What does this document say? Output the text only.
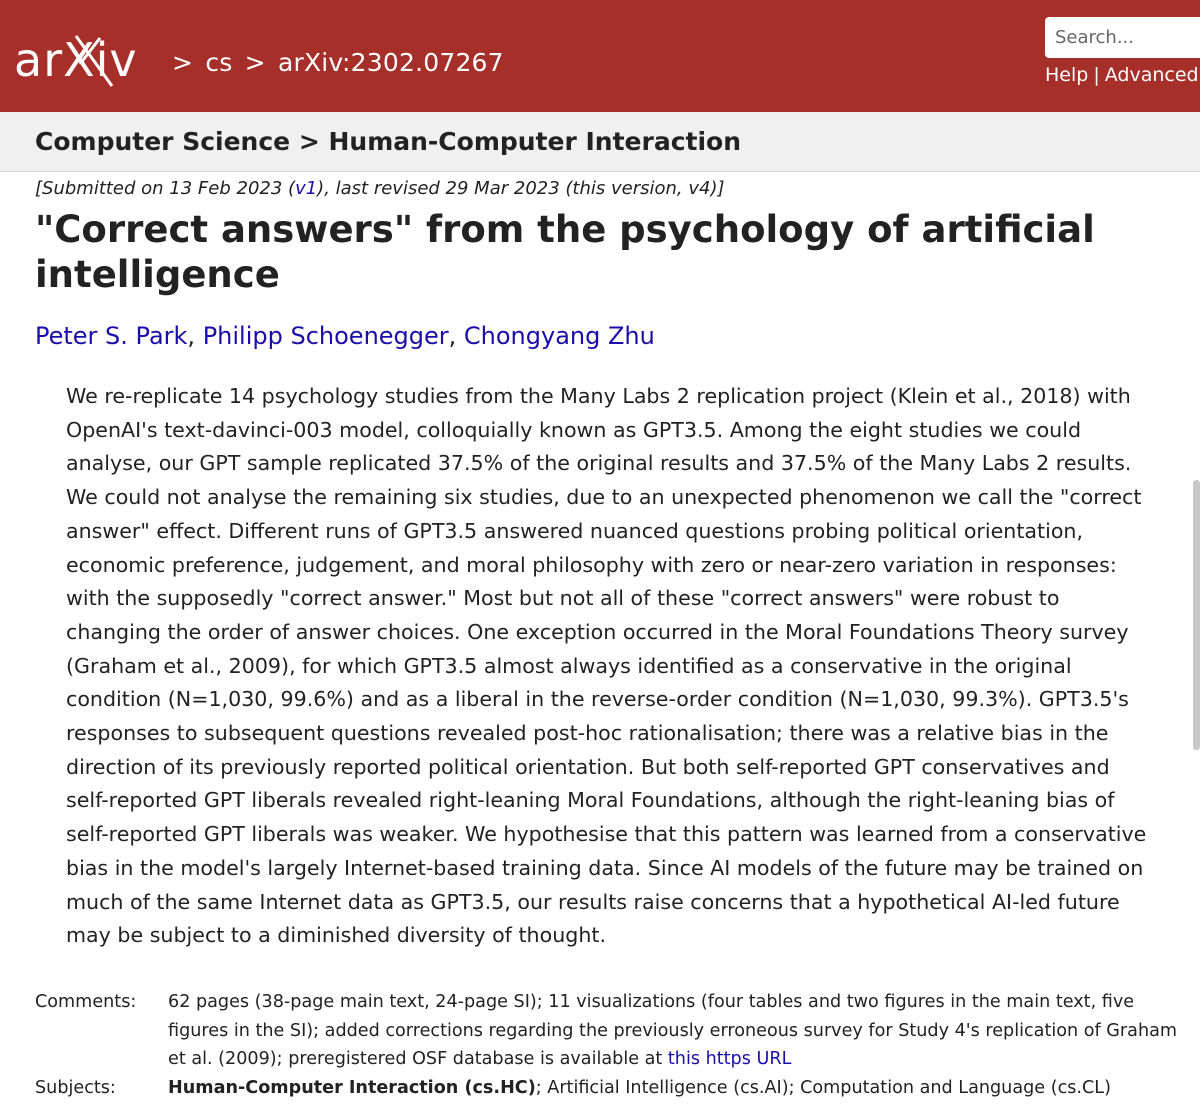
arXiv > cs > arXiv:2302.07267
Search...	Help | Advanced
Computer Science > Human-Computer Interaction
[Submitted on 13 Feb 2023 (v1), last revised 29 Mar 2023 (this version, v4)]
"Correct answers" from the psychology of artificial intelligence
Peter S. Park, Philipp Schoenegger, Chongyang Zhu

We re-replicate 14 psychology studies from the Many Labs 2 replication project (Klein et al., 2018) with OpenAI's text-davinci-003 model, colloquially known as GPT3.5. Among the eight studies we could analyse, our GPT sample replicated 37.5% of the original results and 37.5% of the Many Labs 2 results. We could not analyse the remaining six studies, due to an unexpected phenomenon we call the "correct answer" effect. Different runs of GPT3.5 answered nuanced questions probing political orientation, economic preference, judgement, and moral philosophy with zero or near-zero variation in responses: with the supposedly "correct answer." Most but not all of these "correct answers" were robust to changing the order of answer choices. One exception occurred in the Moral Foundations Theory survey (Graham et al., 2009), for which GPT3.5 almost always identified as a conservative in the original condition (N=1,030, 99.6%) and as a liberal in the reverse-order condition (N=1,030, 99.3%). GPT3.5's responses to subsequent questions revealed post-hoc rationalisation; there was a relative bias in the direction of its previously reported political orientation. But both self-reported GPT conservatives and self-reported GPT liberals revealed right-leaning Moral Foundations, although the right-leaning bias of self-reported GPT liberals was weaker. We hypothesise that this pattern was learned from a conservative bias in the model's largely Internet-based training data. Since AI models of the future may be trained on much of the same Internet data as GPT3.5, our results raise concerns that a hypothetical AI-led future may be subject to a diminished diversity of thought.

Comments:	62 pages (38-page main text, 24-page SI); 11 visualizations (four tables and two figures in the main text, five figures in the SI); added corrections regarding the previously erroneous survey for Study 4's replication of Graham et al. (2009); preregistered OSF database is available at this https URL
Subjects:	Human-Computer Interaction (cs.HC); Artificial Intelligence (cs.AI); Computation and Language (cs.CL)
